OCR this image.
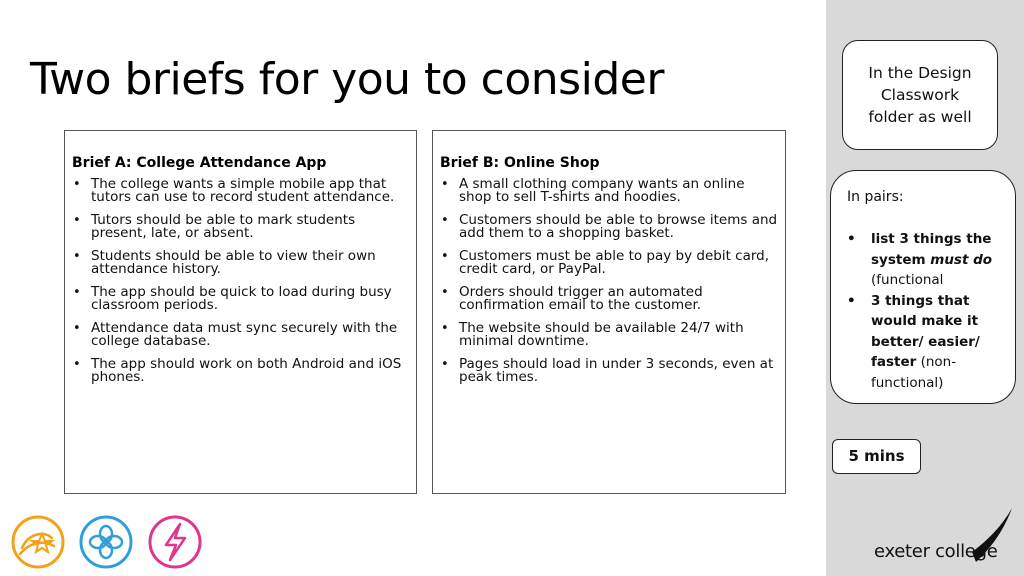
Two briefs for you to consider
Brief A: College Attendance App
• The college wants a simple mobile app that tutors can use to record student attendance.
• Tutors should be able to mark students present, late, or absent.
• Students should be able to view their own attendance history.
• The app should be quick to load during busy classroom periods.
• Attendance data must sync securely with the college database.
• The app should work on both Android and iOS phones.
Brief B: Online Shop
• A small clothing company wants an online shop to sell T-shirts and hoodies.
• Customers should be able to browse items and add them to a shopping basket.
• Customers must be able to pay by debit card, credit card, or PayPal.
• Orders should trigger an automated confirmation email to the customer.
• The website should be available 24/7 with minimal downtime.
• Pages should load in under 3 seconds, even at peak times.
In the Design
Classwork
folder as well
In pairs:
• list 3 things the system must do (functional
• 3 things that would make it better/ easier/ faster (non-functional)
5 mins
exeter college
